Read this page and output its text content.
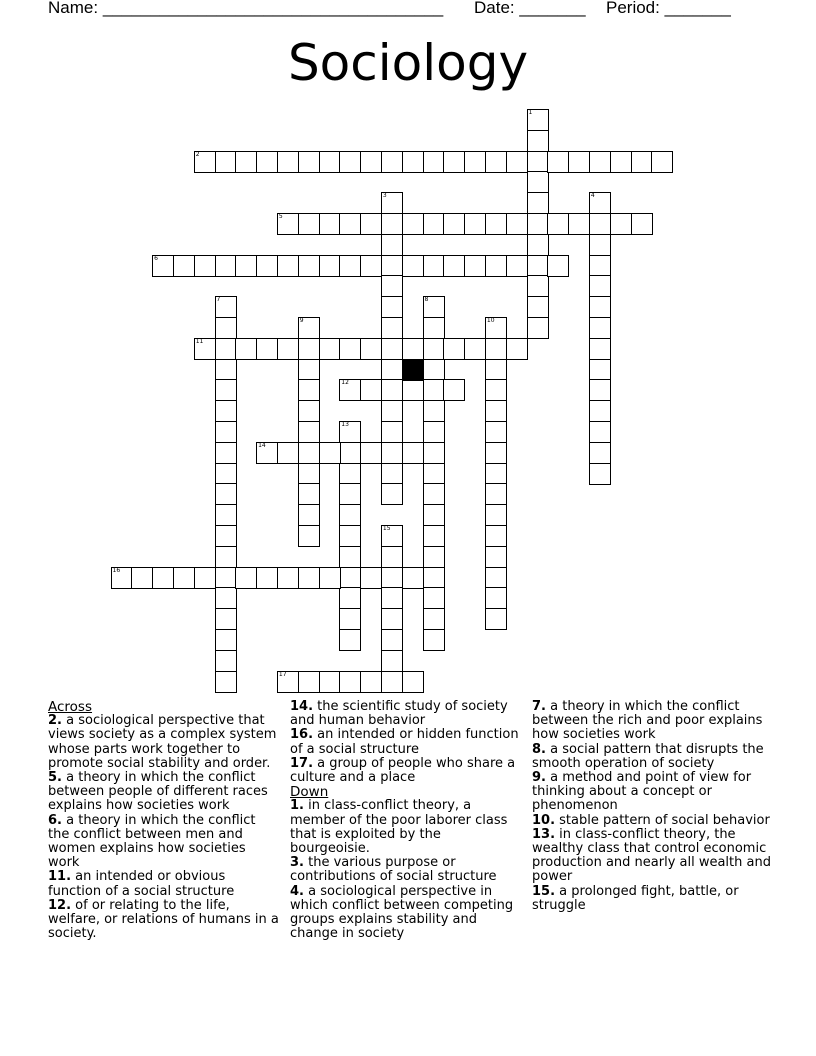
Name: ____________________________________ Date: _______ Period: _______
Sociology
1
2
3	4
5
6
7	8
9	10
11
12
13
14
15
16
17
Across
2. a sociological perspective that views society as a complex system whose parts work together to promote social stability and order.
5. a theory in which the conflict between people of different races explains how societies work
6. a theory in which the conflict the conflict between men and women explains how societies work
11. an intended or obvious function of a social structure
12. of or relating to the life, welfare, or relations of humans in a society.
14. the scientific study of society and human behavior
16. an intended or hidden function of a social structure
17. a group of people who share a culture and a place
Down
1. in class-conflict theory, a member of the poor laborer class that is exploited by the bourgeoisie.
3. the various purpose or contributions of social structure
4. a sociological perspective in which conflict between competing groups explains stability and change in society
7. a theory in which the conflict between the rich and poor explains how societies work
8. a social pattern that disrupts the smooth operation of society
9. a method and point of view for thinking about a concept or phenomenon
10. stable pattern of social behavior
13. in class-conflict theory, the wealthy class that control economic production and nearly all wealth and power
15. a prolonged fight, battle, or struggle
